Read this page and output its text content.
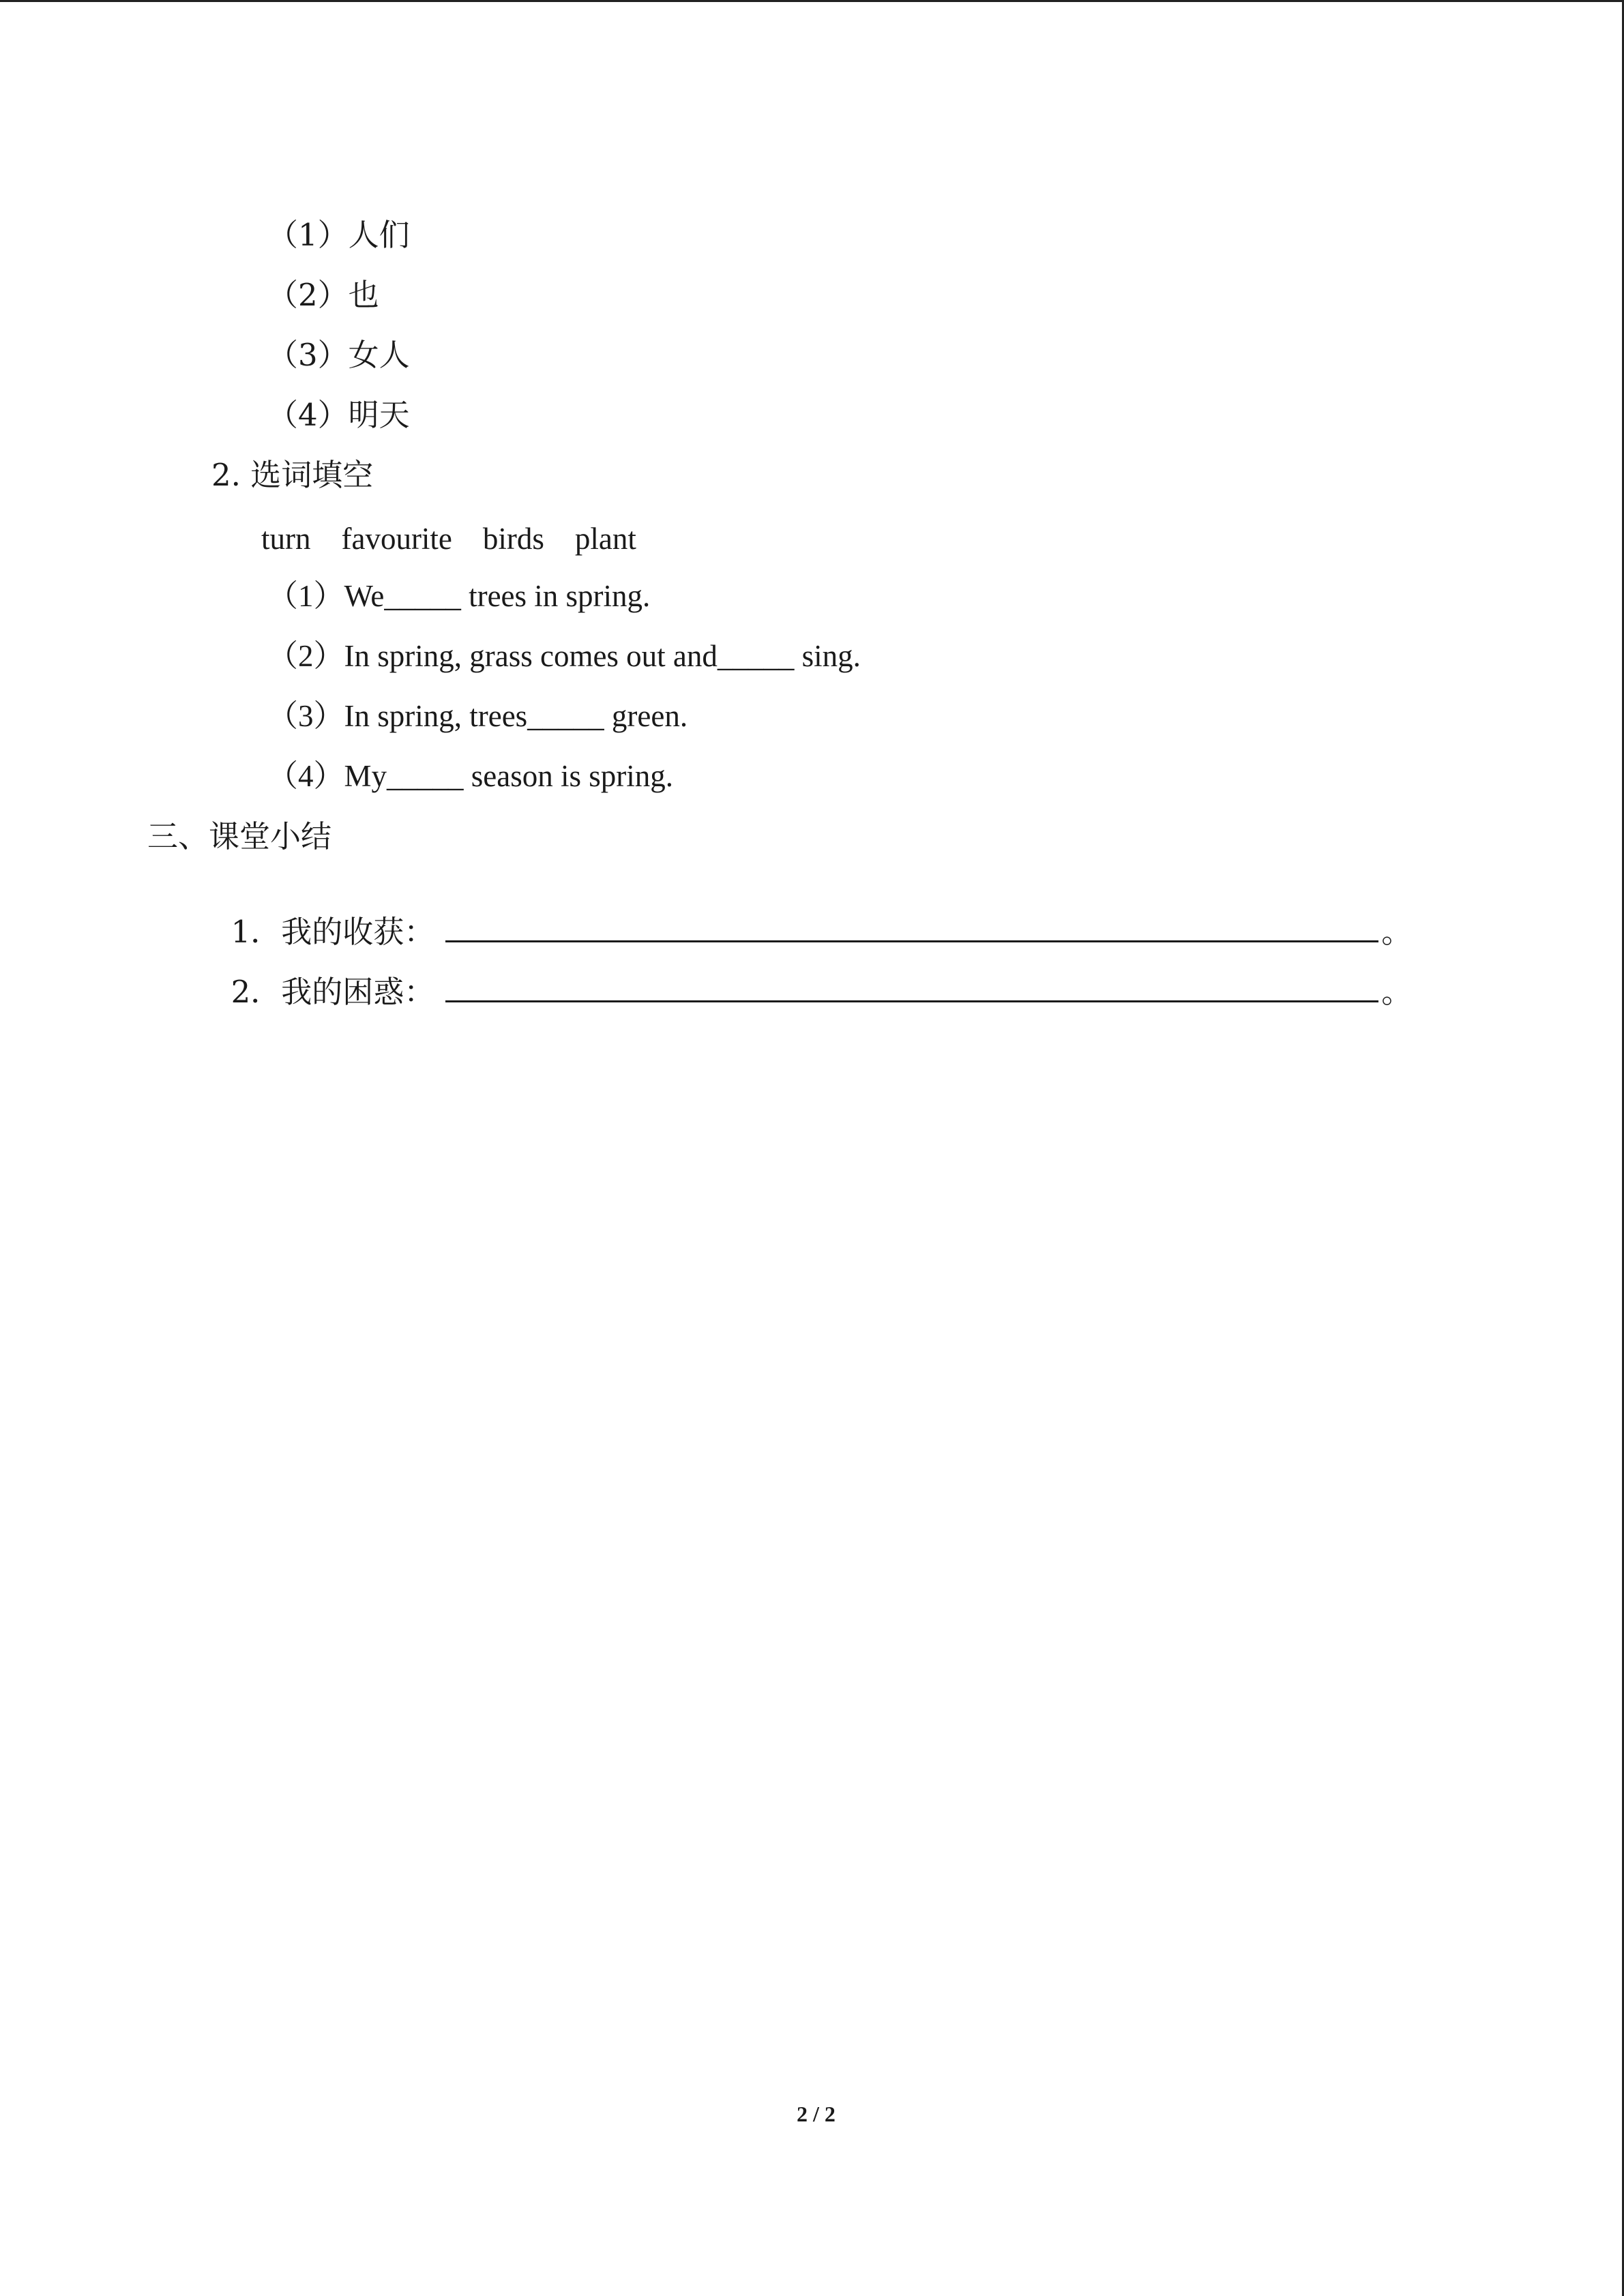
（1）人们
（2）也
（3）女人
（4）明天
2. 选词填空
turn    favourite    birds    plant
（1）We_____ trees in spring.
（2）In spring, grass comes out and_____ sing.
（3）In spring, trees_____ green.
（4）My_____ season is spring.
三、课堂小结

1．我的收获：	。

2．我的困惑：	。

2 / 2
